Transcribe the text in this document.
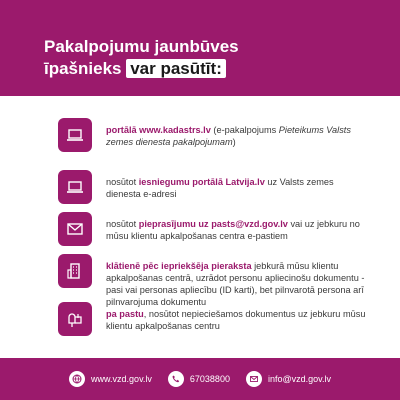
Pakalpojumu jaunbūves
īpašnieks var pasūtīt:
portālā www.kadastrs.lv (e-pakalpojums Pieteikums Valsts zemes dienesta pakalpojumam)
nosūtot iesniegumu portālā Latvija.lv uz Valsts zemes dienesta e-adresi
nosūtot pieprasījumu uz pasts@vzd.gov.lv vai uz jebkuru no mūsu klientu apkalpošanas centra e-pastiem
klātienē pēc iepriekšēja pieraksta jebkurā mūsu klientu apkalpošanas centrā, uzrādot personu apliecinošu dokumentu - pasi vai personas apliecību (ID karti), bet pilnvarotā persona arī pilnvarojuma dokumentu
pa pastu, nosūtot nepieciešamos dokumentus uz jebkuru mūsu klientu apkalpošanas centru
www.vzd.gov.lv	67038800	info@vzd.gov.lv
